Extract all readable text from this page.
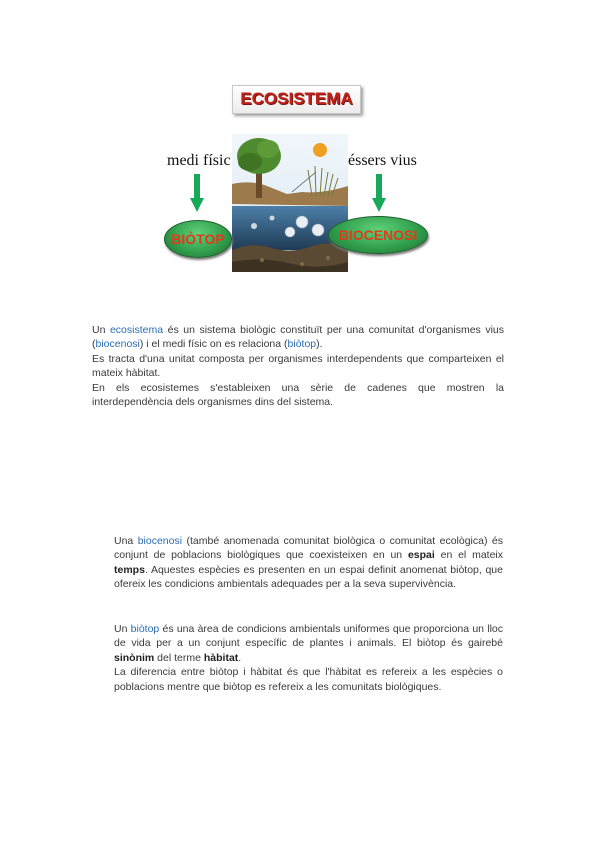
ECOSISTEMA
medi físic	éssers vius
BIÒTOP	BIOCENOSI

Un ecosistema és un sistema biològic constituït per una comunitat d'organismes vius (biocenosi) i el medi físic on es relaciona (biòtop).
Es tracta d'una unitat composta per organismes interdependents que comparteixen el mateix hàbitat.
En els ecosistemes s'estableixen una sèrie de cadenes que mostren la interdependència dels organismes dins del sistema.

Una biocenosi (també anomenada comunitat biològica o comunitat ecològica) és conjunt de poblacions biològiques que coexisteixen en un espai en el mateix temps. Aquestes espècies es presenten en un espai definit anomenat biòtop, que ofereix les condicions ambientals adequades per a la seva supervivència.

Un biòtop és una àrea de condicions ambientals uniformes que proporciona un lloc de vida per a un conjunt específic de plantes i animals. El biòtop és gairebé sinònim del terme hàbitat.
La diferencia entre biòtop i hàbitat és que l'hàbitat es refereix a les espècies o poblacions mentre que biòtop es refereix a les comunitats biològiques.
